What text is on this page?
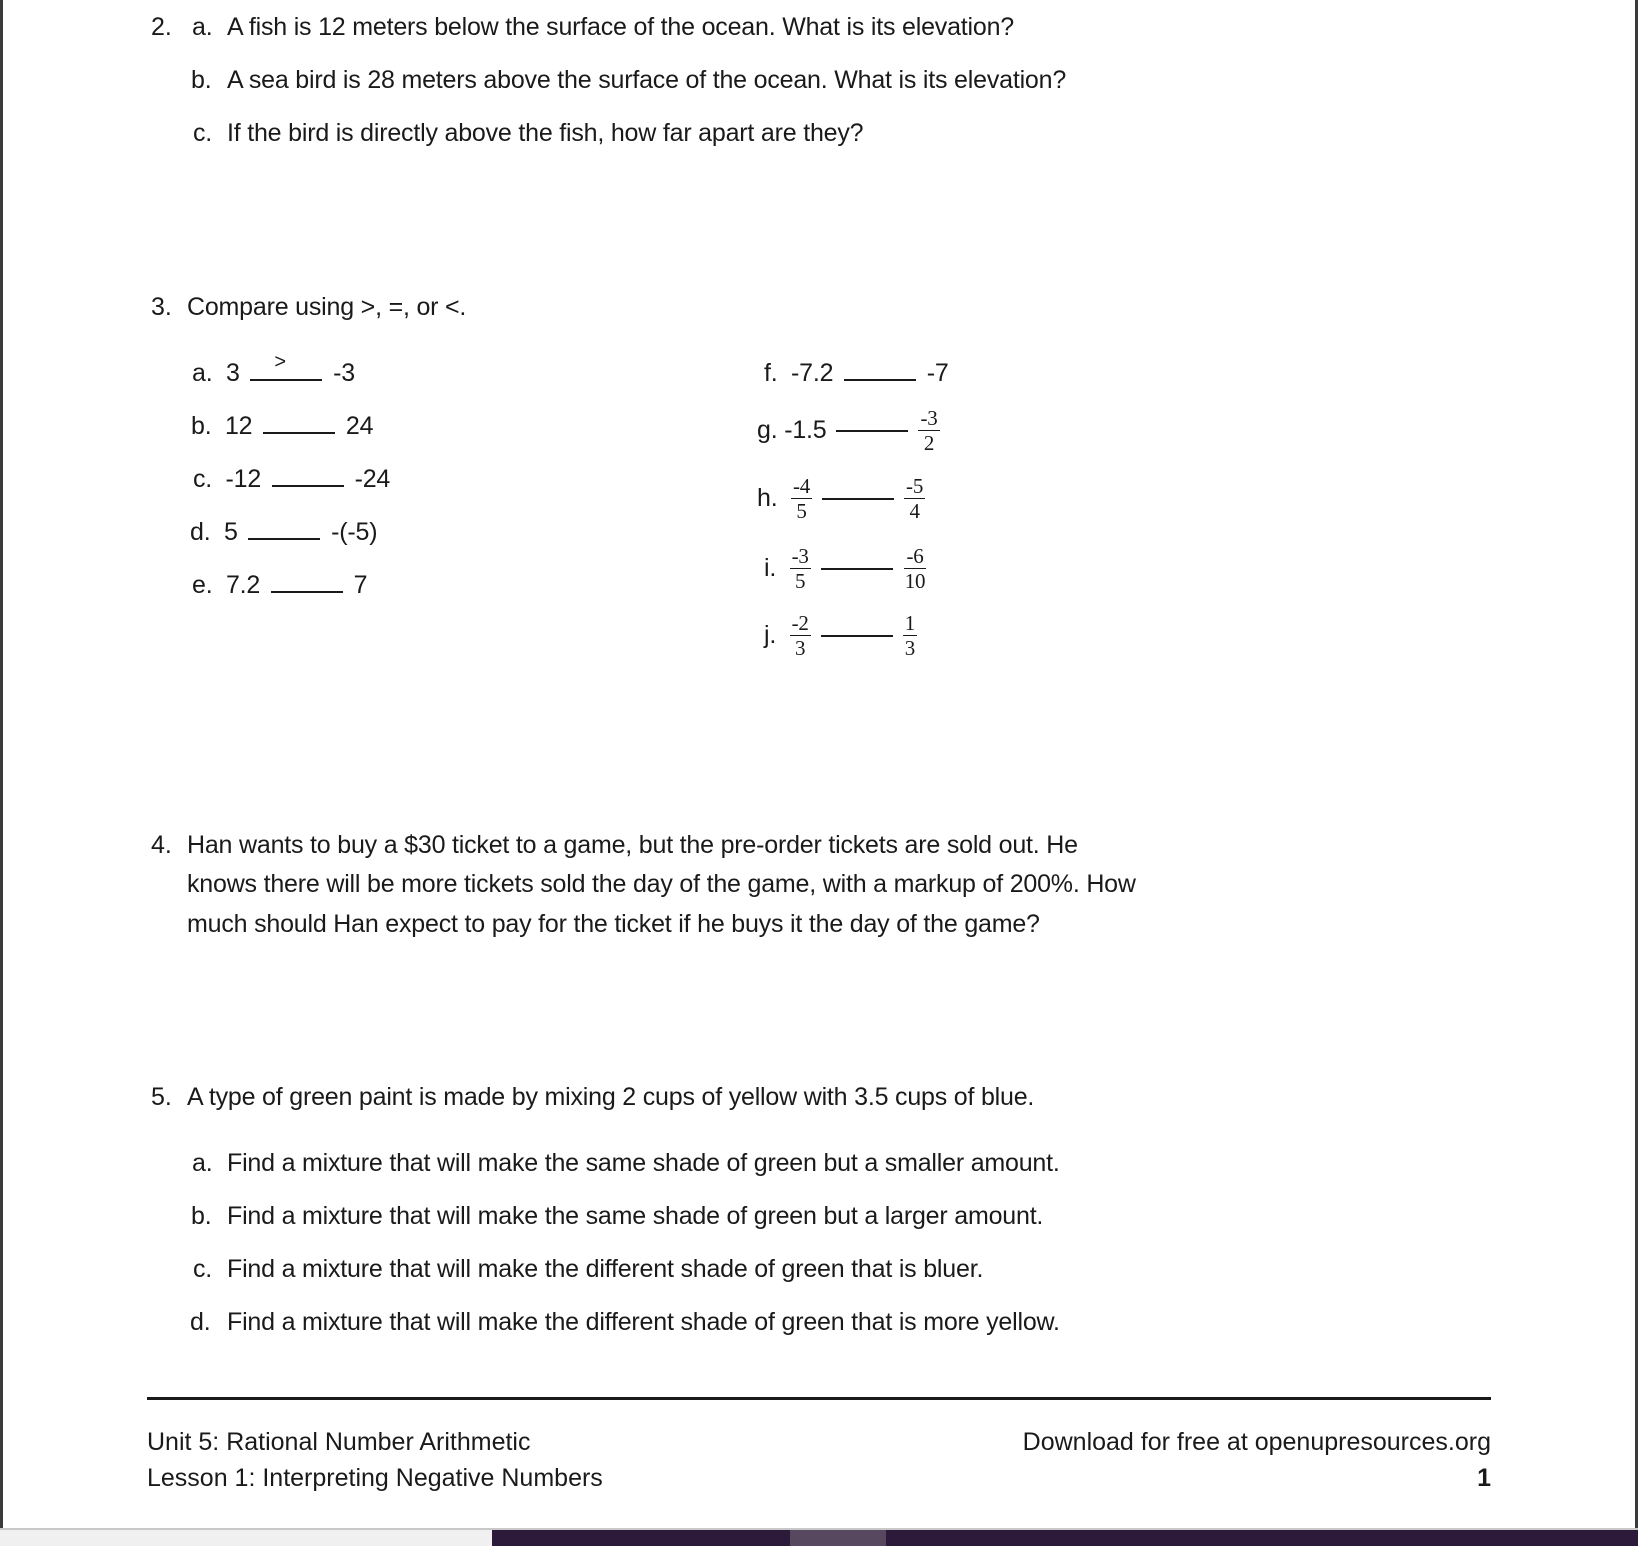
2. a. A fish is 12 meters below the surface of the ocean. What is its elevation?
b. A sea bird is 28 meters above the surface of the ocean. What is its elevation?
c. If the bird is directly above the fish, how far apart are they?
3. Compare using >, =, or <.
a. 3 > -3
b. 12	24
c. -12	-24
d. 5	-(-5)
e. 7.2	7
f. -7.2	-7
g.
-1.5	$\frac{-3}{2}$
h.
$\frac{-4}{5}$	$\frac{-5}{4}$
i.
$\frac{-3}{5}$	$\frac{-6}{10}$
j.
$\frac{-2}{3}$	$\frac{1}{3}$
4. Han wants to buy a $30 ticket to a game, but the pre-order tickets are sold out. He
knows there will be more tickets sold the day of the game, with a markup of 200%. How
much should Han expect to pay for the ticket if he buys it the day of the game?
5. A type of green paint is made by mixing 2 cups of yellow with 3.5 cups of blue.
a. Find a mixture that will make the same shade of green but a smaller amount.
b. Find a mixture that will make the same shade of green but a larger amount.
c. Find a mixture that will make the different shade of green that is bluer.
d. Find a mixture that will make the different shade of green that is more yellow.
Unit 5: Rational Number Arithmetic
Lesson 1: Interpreting Negative Numbers
Download for free at openupresources.org
1
